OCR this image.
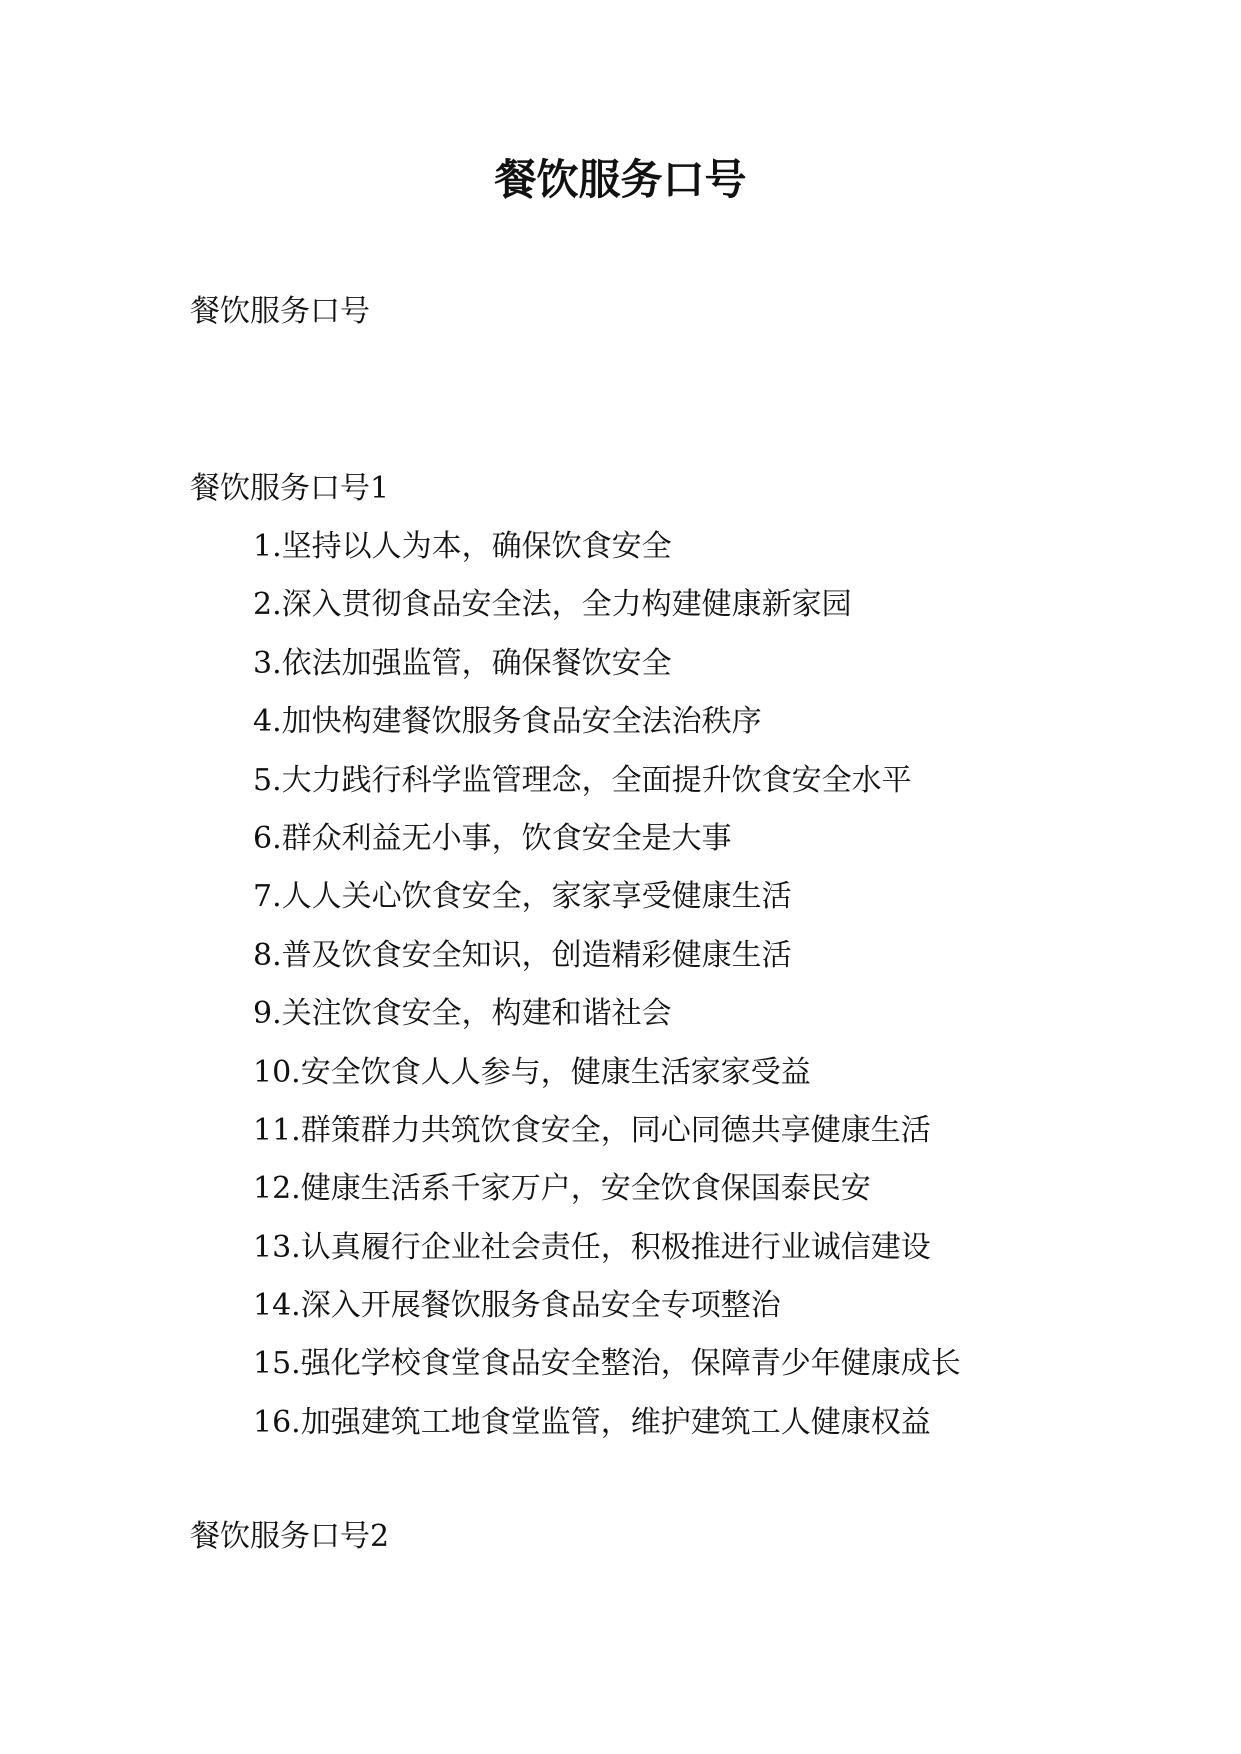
餐饮服务口号

餐饮服务口号

餐饮服务口号1

1.坚持以人为本，确保饮食安全
2.深入贯彻食品安全法，全力构建健康新家园
3.依法加强监管，确保餐饮安全
4.加快构建餐饮服务食品安全法治秩序
5.大力践行科学监管理念，全面提升饮食安全水平
6.群众利益无小事，饮食安全是大事
7.人人关心饮食安全，家家享受健康生活
8.普及饮食安全知识，创造精彩健康生活
9.关注饮食安全，构建和谐社会
10.安全饮食人人参与，健康生活家家受益
11.群策群力共筑饮食安全，同心同德共享健康生活
12.健康生活系千家万户，安全饮食保国泰民安
13.认真履行企业社会责任，积极推进行业诚信建设
14.深入开展餐饮服务食品安全专项整治
15.强化学校食堂食品安全整治，保障青少年健康成长
16.加强建筑工地食堂监管，维护建筑工人健康权益

餐饮服务口号2
